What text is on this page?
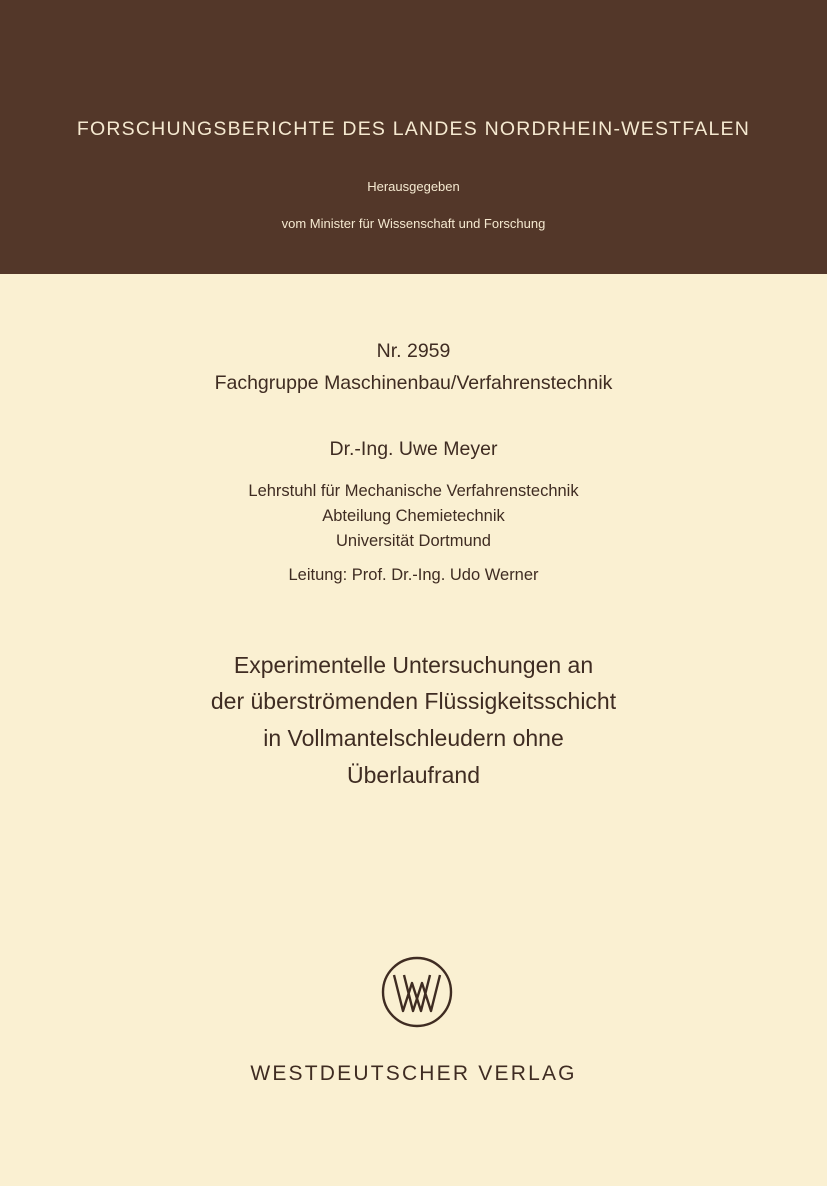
FORSCHUNGSBERICHTE DES LANDES NORDRHEIN-WESTFALEN
Herausgegeben
vom Minister für Wissenschaft und Forschung
Nr. 2959
Fachgruppe Maschinenbau/Verfahrenstechnik
Dr.-Ing. Uwe Meyer
Lehrstuhl für Mechanische Verfahrenstechnik
Abteilung Chemietechnik
Universität Dortmund
Leitung: Prof. Dr.-Ing. Udo Werner
Experimentelle Untersuchungen an
der überströmenden Flüssigkeitsschicht
in Vollmantelschleudern ohne
Überlaufrand
WESTDEUTSCHER VERLAG
